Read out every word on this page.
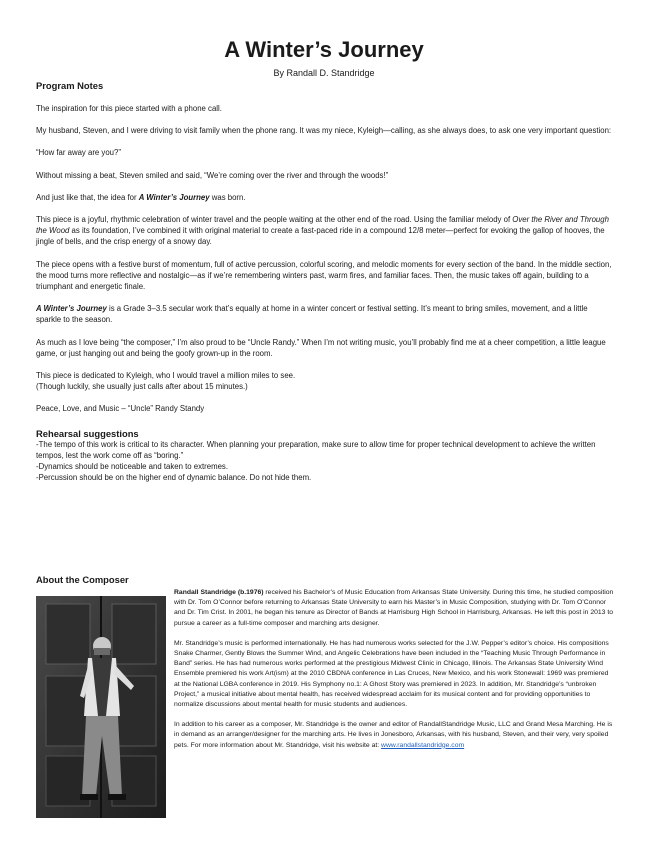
A Winter’s Journey

By Randall D. Standridge

Program Notes

The inspiration for this piece started with a phone call.

My husband, Steven, and I were driving to visit family when the phone rang. It was my niece, Kyleigh—calling, as she always does, to ask one very important question:

“How far away are you?”

Without missing a beat, Steven smiled and said, “We’re coming over the river and through the woods!”

And just like that, the idea for A Winter’s Journey was born.

This piece is a joyful, rhythmic celebration of winter travel and the people waiting at the other end of the road. Using the familiar melody of Over the River and Through the Wood as its foundation, I’ve combined it with original material to create a fast-paced ride in a compound 12/8 meter—perfect for evoking the gallop of hooves, the jingle of bells, and the crisp energy of a snowy day.

The piece opens with a festive burst of momentum, full of active percussion, colorful scoring, and melodic moments for every section of the band. In the middle section, the mood turns more reflective and nostalgic—as if we’re remembering winters past, warm fires, and familiar faces. Then, the music takes off again, building to a triumphant and energetic finale.

A Winter’s Journey is a Grade 3–3.5 secular work that’s equally at home in a winter concert or festival setting. It’s meant to bring smiles, movement, and a little sparkle to the season.

As much as I love being “the composer,” I’m also proud to be “Uncle Randy.” When I’m not writing music, you’ll probably find me at a cheer competition, a little league game, or just hanging out and being the goofy grown-up in the room.

This piece is dedicated to Kyleigh, who I would travel a million miles to see.
(Though luckily, she usually just calls after about 15 minutes.)

Peace, Love, and Music – “Uncle” Randy Standy

Rehearsal suggestions

-The tempo of this work is critical to its character. When planning your preparation, make sure to allow time for proper technical development to achieve the written tempos, lest the work come off as “boring.”

-Dynamics should be noticeable and taken to extremes.

-Percussion should be on the higher end of dynamic balance. Do not hide them.

About the Composer

Randall Standridge (b.1976) received his Bachelor’s of Music Education from Arkansas State University. During this time, he studied composition with Dr. Tom O’Connor before returning to Arkansas State University to earn his Master’s in Music Composition, studying with Dr. Tom O’Connor and Dr. Tim Crist. In 2001, he began his tenure as Director of Bands at Harrisburg High School in Harrisburg, Arkansas. He left this post in 2013 to pursue a career as a full-time composer and marching arts designer.

Mr. Standridge’s music is performed internationally. He has had numerous works selected for the J.W. Pepper’s editor’s choice. His compositions Snake Charmer, Gently Blows the Summer Wind, and Angelic Celebrations have been included in the “Teaching Music Through Performance in Band” series. He has had numerous works performed at the prestigious Midwest Clinic in Chicago, Illinois. The Arkansas State University Wind Ensemble premiered his work Art(ism) at the 2010 CBDNA conference in Las Cruces, New Mexico, and his work Stonewall: 1969 was premiered at the National LGBA conference in 2019. His Symphony no.1: A Ghost Story was premiered in 2023. In addition, Mr. Standridge’s “unbroken Project,” a musical initiative about mental health, has received widespread acclaim for its musical content and for providing opportunities to normalize discussions about mental health for music students and audiences.

In addition to his career as a composer, Mr. Standridge is the owner and editor of RandallStandridge Music, LLC and Grand Mesa Marching. He is in demand as an arranger/designer for the marching arts. He lives in Jonesboro, Arkansas, with his husband, Steven, and their very, very spoiled pets. For more information about Mr. Standridge, visit his website at: www.randallstandridge.com
